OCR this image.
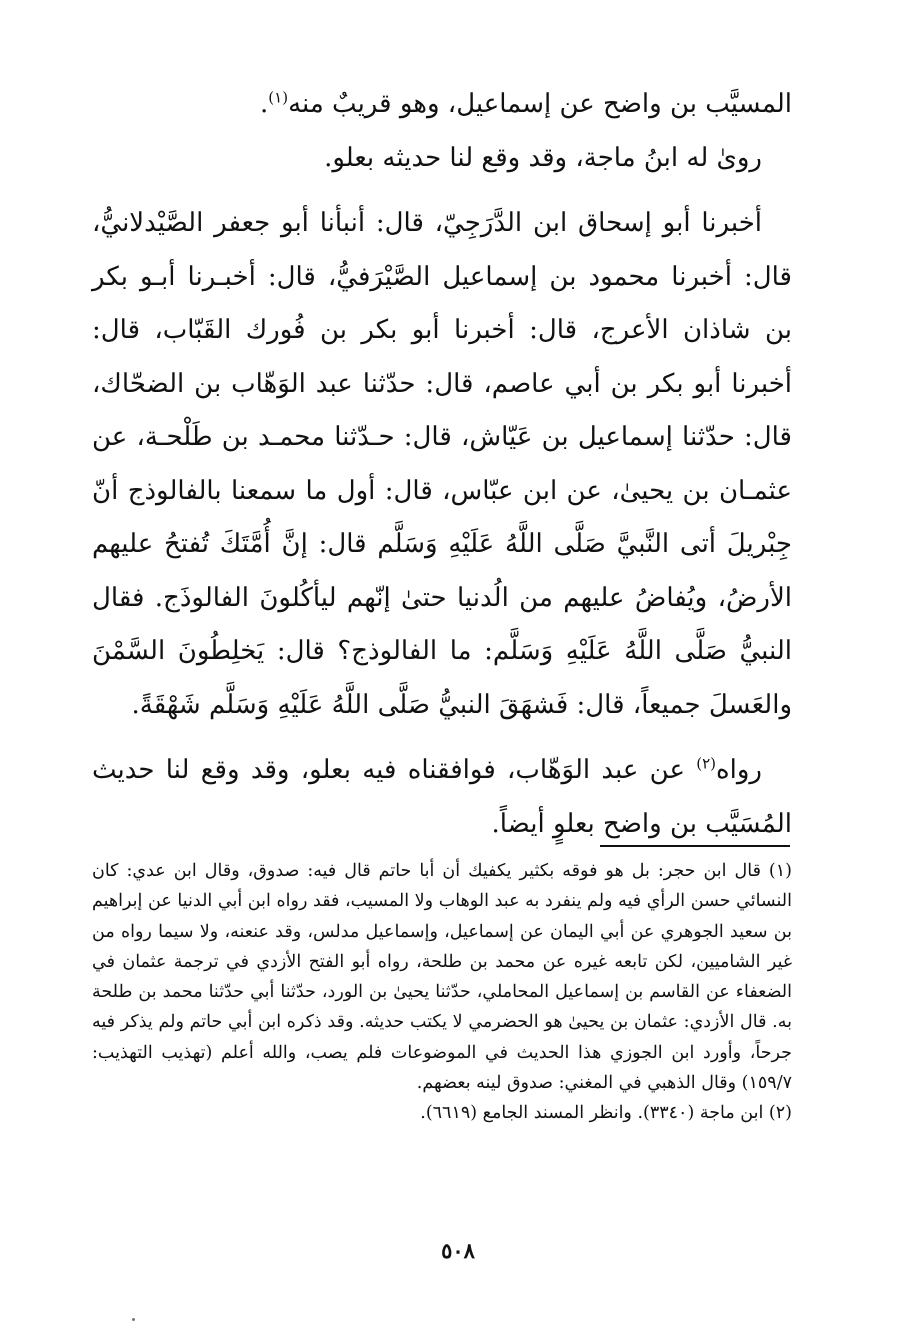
المسيَّب بن واضح عن إسماعيل، وهو قريبٌ منه$^{(١)}$.

روىٰ له ابنُ ماجة، وقد وقع لنا حديثه بعلو.

أخبرنا أبو إسحاق ابن الدَّرَجِيّ، قال: أنبأنا أبو جعفر الصَّيْدلانيُّ، قال: أخبرنا محمود بن إسماعيل الصَّيْرَفيُّ، قال: أخبـرنا أبـو بكر بن شاذان الأعرج، قال: أخبرنا أبو بكر بن فُورك القَبّاب، قال: أخبرنا أبو بكر بن أبي عاصم، قال: حدّثنا عبد الوَهّاب بن الضحّاك، قال: حدّثنا إسماعيل بن عَيّاش، قال: حـدّثنا محمـد بن طَلْحـة، عن عثمـان بن يحيىٰ، عن ابن عبّاس، قال: أول ما سمعنا بالفالوذج أنّ جِبْريلَ أتى النَّبيَّ صَلَّى اللَّهُ عَلَيْهِ وَسَلَّم قال: إنَّ أُمَّتَكَ تُفتحُ عليهم الأرضُ، ويُفاضُ عليهم من الُدنيا حتىٰ إنّهم ليأكُلونَ الفالوذَج. فقال النبيُّ صَلَّى اللَّهُ عَلَيْهِ وَسَلَّم: ما الفالوذج؟ قال: يَخلِطُونَ السَّمْنَ والعَسلَ جميعاً، قال: فَشهَقَ النبيُّ صَلَّى اللَّهُ عَلَيْهِ وَسَلَّم شَهْقَةً.

رواه$^{(٢)}$ عن عبد الوَهّاب، فوافقناه فيه بعلو، وقد وقع لنا حديث المُسَيَّب بن واضح بعلوٍ أيضاً.

(١) قال ابن حجر: بل هو فوقه بكثير يكفيك أن أبا حاتم قال فيه: صدوق، وقال ابن عدي: كان النسائي حسن الرأي فيه ولم ينفرد به عبد الوهاب ولا المسيب، فقد رواه ابن أبي الدنيا عن إبراهيم بن سعيد الجوهري عن أبي اليمان عن إسماعيل، وإسماعيل مدلس، وقد عنعنه، ولا سيما رواه من غير الشاميين، لكن تابعه غيره عن محمد بن طلحة، رواه أبو الفتح الأزدي في ترجمة عثمان في الضعفاء عن القاسم بن إسماعيل المحاملي، حدّثنا يحيىٰ بن الورد، حدّثنا أبي حدّثنا محمد بن طلحة به. قال الأزدي: عثمان بن يحيىٰ هو الحضرمي لا يكتب حديثه. وقد ذكره ابن أبي حاتم ولم يذكر فيه جرحاً، وأورد ابن الجوزي هذا الحديث في الموضوعات فلم يصب، والله أعلم (تهذيب التهذيب: ١٥٩/٧) وقال الذهبي في المغني: صدوق لينه بعضهم.

(٢) ابن ماجة (٣٣٤٠). وانظر المسند الجامع (٦٦١٩).

٥٠٨
